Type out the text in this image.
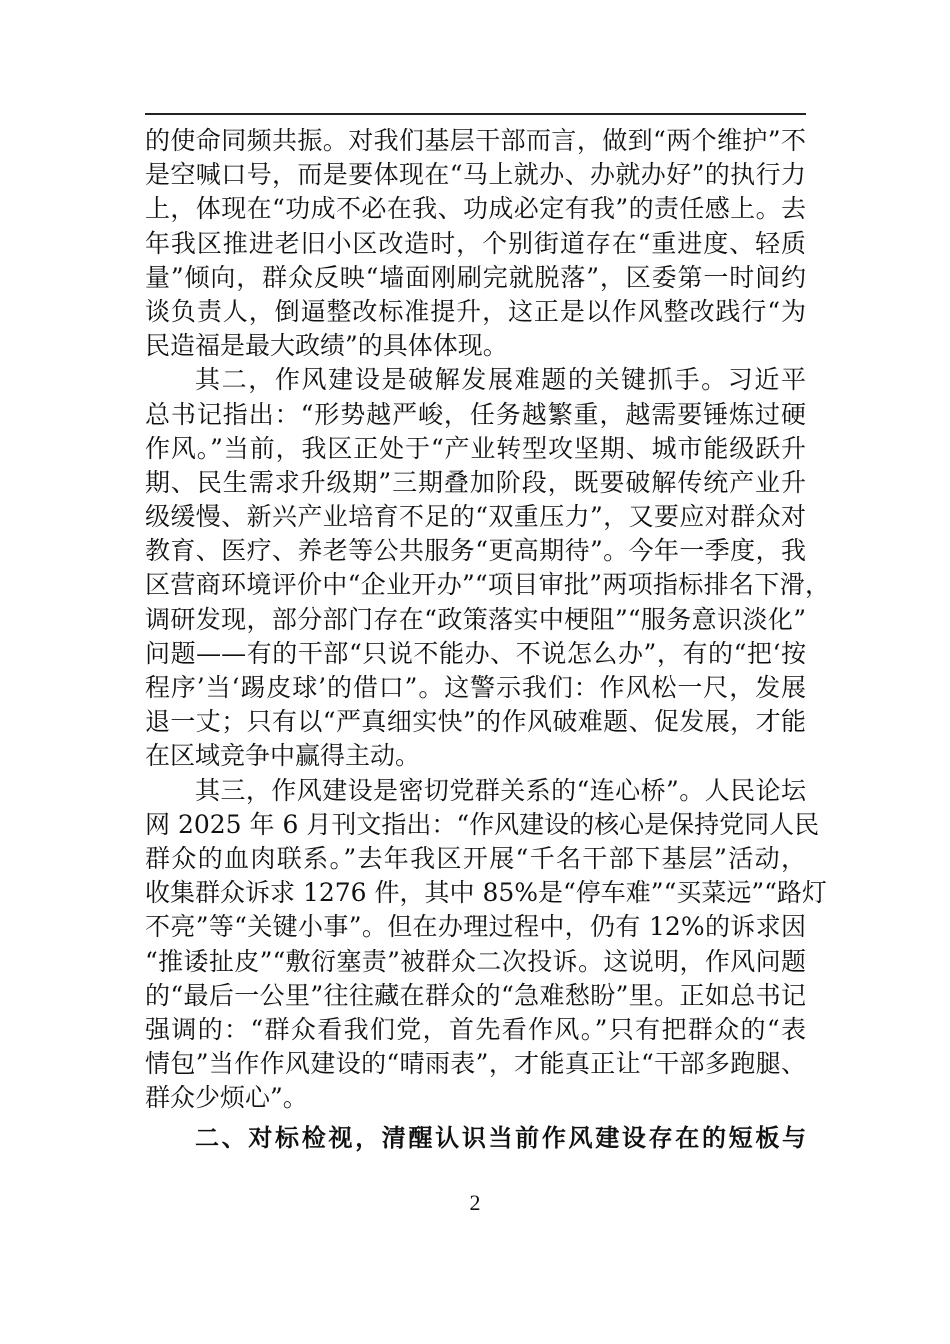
的使命同频共振。对我们基层干部而言，做到“两个维护”不
是空喊口号，而是要体现在“马上就办、办就办好”的执行力
上，体现在“功成不必在我、功成必定有我”的责任感上。去
年我区推进老旧小区改造时，个别街道存在“重进度、轻质
量”倾向，群众反映“墙面刚刷完就脱落”，区委第一时间约
谈负责人，倒逼整改标准提升，这正是以作风整改践行“为
民造福是最大政绩”的具体体现。
其二，作风建设是破解发展难题的关键抓手。习近平
总书记指出：“形势越严峻，任务越繁重，越需要锤炼过硬
作风。”当前，我区正处于“产业转型攻坚期、城市能级跃升
期、民生需求升级期”三期叠加阶段，既要破解传统产业升
级缓慢、新兴产业培育不足的“双重压力”，又要应对群众对
教育、医疗、养老等公共服务“更高期待”。今年一季度，我
区营商环境评价中“企业开办”“项目审批”两项指标排名下滑，
调研发现，部分部门存在“政策落实中梗阻”“服务意识淡化”
问题——有的干部“只说不能办、不说怎么办”，有的“把‘按
程序’当‘踢皮球’的借口”。这警示我们：作风松一尺，发展
退一丈；只有以“严真细实快”的作风破难题、促发展，才能
在区域竞争中赢得主动。
其三，作风建设是密切党群关系的“连心桥”。人民论坛
网 2025 年 6 月刊文指出：“作风建设的核心是保持党同人民
群众的血肉联系。”去年我区开展“千名干部下基层”活动，
收集群众诉求 1276 件，其中 85%是“停车难”“买菜远”“路灯
不亮”等“关键小事”。但在办理过程中，仍有 12%的诉求因
“推诿扯皮”“敷衍塞责”被群众二次投诉。这说明，作风问题
的“最后一公里”往往藏在群众的“急难愁盼”里。正如总书记
强调的：“群众看我们党，首先看作风。”只有把群众的“表
情包”当作作风建设的“晴雨表”，才能真正让“干部多跑腿、
群众少烦心”。
二、对标检视，清醒认识当前作风建设存在的短板与
2
